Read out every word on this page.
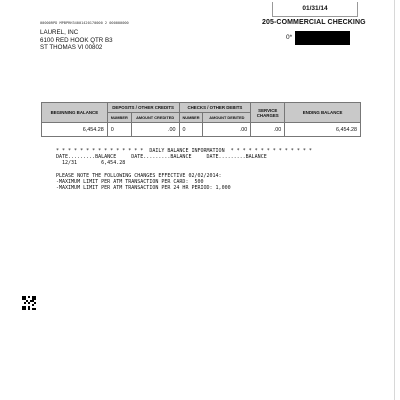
01/31/14
205-COMMERCIAL CHECKING
0*
00000RPD MPBPRH34001420170000 2 000000000
LAUREL, INC
6100 RED HOOK QTR B3
ST THOMAS VI 00802
BEGINNING BALANCE	DEPOSITS / OTHER CREDITS		CHECKS / OTHER DEBITS		SERVICE CHARGES	ENDING BALANCE
	NUMBER	AMOUNT CREDITED	NUMBER	AMOUNT DEBITED		
6,454.28	0	.00	0	.00	.00	6,454.28
* * * * * * * * * * * * * * *  DAILY BALANCE INFORMATION  * * * * * * * * * * * * * *
DATE.........BALANCE     DATE.........BALANCE     DATE.........BALANCE
12/31        6,454.28

PLEASE NOTE THE FOLLOWING CHANGES EFFECTIVE 02/02/2014:
-MAXIMUM LIMIT PER ATM TRANSACTION PER CARD:  500
-MAXIMUM LIMIT PER ATM TRANSACTION PER 24 HR PERIOD: 1,000
